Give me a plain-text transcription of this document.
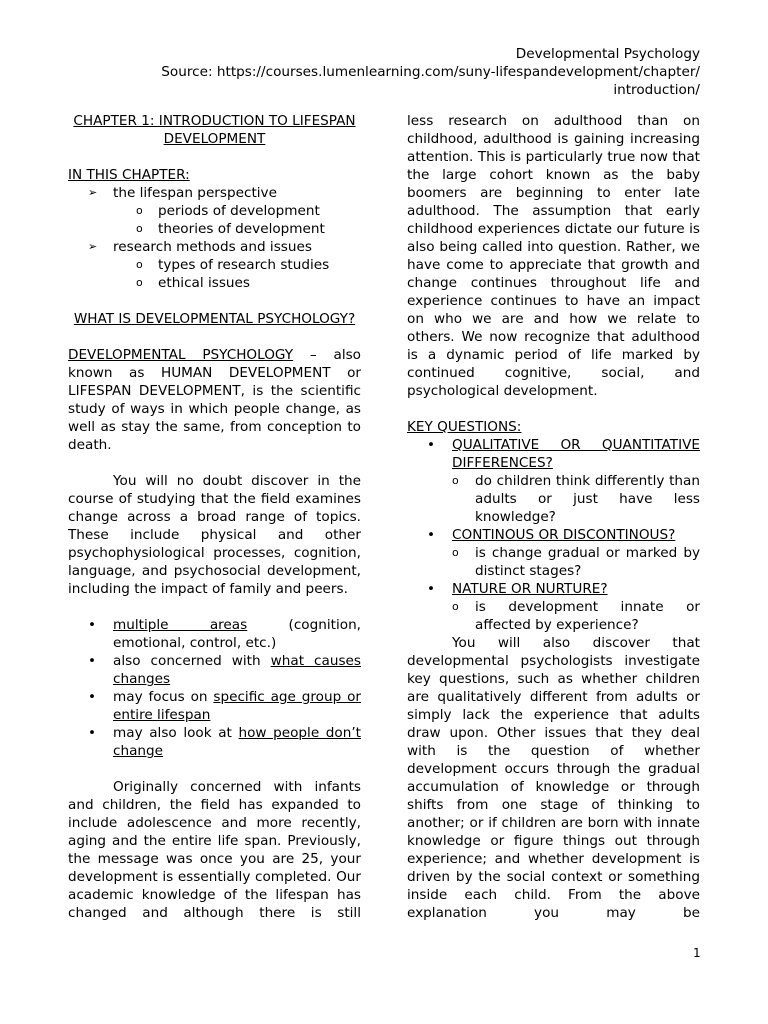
Developmental Psychology
Source: https://courses.lumenlearning.com/suny-lifespandevelopment/chapter/
introduction/

CHAPTER 1: INTRODUCTION TO LIFESPAN DEVELOPMENT

IN THIS CHAPTER:

➢ the lifespan perspective
o periods of development
o theories of development
➢ research methods and issues
o types of research studies
o ethical issues

WHAT IS DEVELOPMENTAL PSYCHOLOGY?

DEVELOPMENTAL PSYCHOLOGY – also known as HUMAN DEVELOPMENT or LIFESPAN DEVELOPMENT, is the scientific study of ways in which people change, as well as stay the same, from conception to death.

You will no doubt discover in the course of studying that the field examines change across a broad range of topics. These include physical and other psychophysiological processes, cognition, language, and psychosocial development, including the impact of family and peers.

• multiple areas (cognition, emotional, control, etc.)
• also concerned with what causes changes
• may focus on specific age group or entire lifespan
• may also look at how people don’t change

Originally concerned with infants and children, the field has expanded to include adolescence and more recently, aging and the entire life span. Previously, the message was once you are 25, your development is essentially completed. Our academic knowledge of the lifespan has changed and although there is still

less research on adulthood than on childhood, adulthood is gaining increasing attention. This is particularly true now that the large cohort known as the baby boomers are beginning to enter late adulthood. The assumption that early childhood experiences dictate our future is also being called into question. Rather, we have come to appreciate that growth and change continues throughout life and experience continues to have an impact on who we are and how we relate to others. We now recognize that adulthood is a dynamic period of life marked by continued cognitive, social, and psychological development.

KEY QUESTIONS:

• QUALITATIVE OR QUANTITATIVE DIFFERENCES?
o do children think differently than adults or just have less knowledge?
• CONTINOUS OR DISCONTINOUS?
o is change gradual or marked by distinct stages?
• NATURE OR NURTURE?
o is development innate or affected by experience?

You will also discover that developmental psychologists investigate key questions, such as whether children are qualitatively different from adults or simply lack the experience that adults draw upon. Other issues that they deal with is the question of whether development occurs through the gradual accumulation of knowledge or through shifts from one stage of thinking to another; or if children are born with innate knowledge or figure things out through experience; and whether development is driven by the social context or something inside each child. From the above explanation you may be

1
